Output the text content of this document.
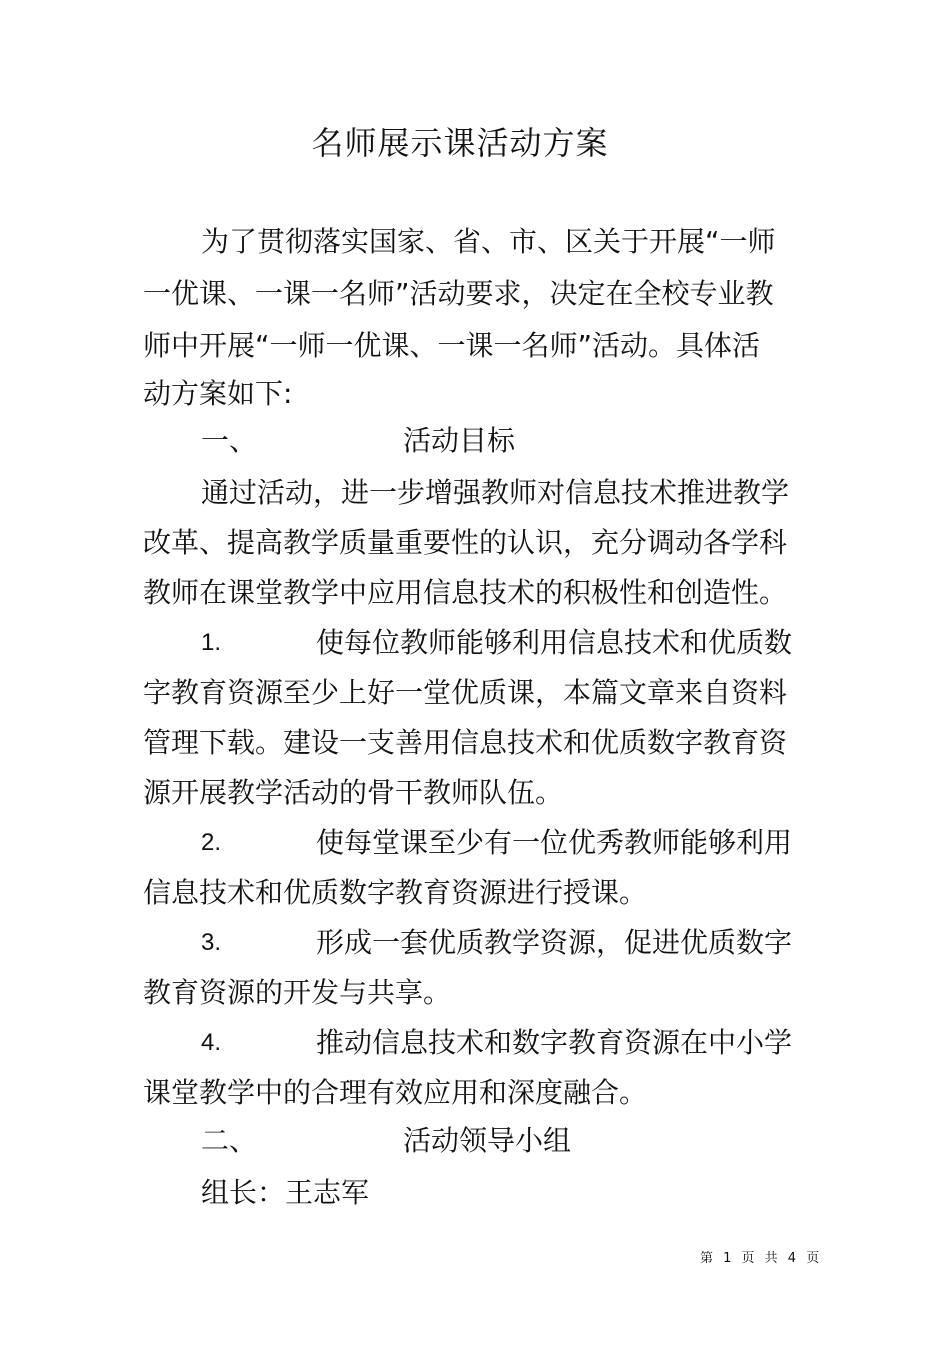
名师展示课活动方案
为了贯彻落实国家、省、市、区关于开展“一师
一优课、一课一名师”活动要求，决定在全校专业教
师中开展“一师一优课、一课一名师”活动。具体活
动方案如下:
一、	活动目标
通过活动，进一步增强教师对信息技术推进教学
改革、提高教学质量重要性的认识，充分调动各学科
教师在课堂教学中应用信息技术的积极性和创造性。
1.	使每位教师能够利用信息技术和优质数
字教育资源至少上好一堂优质课，本篇文章来自资料
管理下载。建设一支善用信息技术和优质数字教育资
源开展教学活动的骨干教师队伍。
2.	使每堂课至少有一位优秀教师能够利用
信息技术和优质数字教育资源进行授课。
3.	形成一套优质教学资源，促进优质数字
教育资源的开发与共享。
4.	推动信息技术和数字教育资源在中小学
课堂教学中的合理有效应用和深度融合。
二、	活动领导小组
组长：王志军
第 1 页 共 4 页
